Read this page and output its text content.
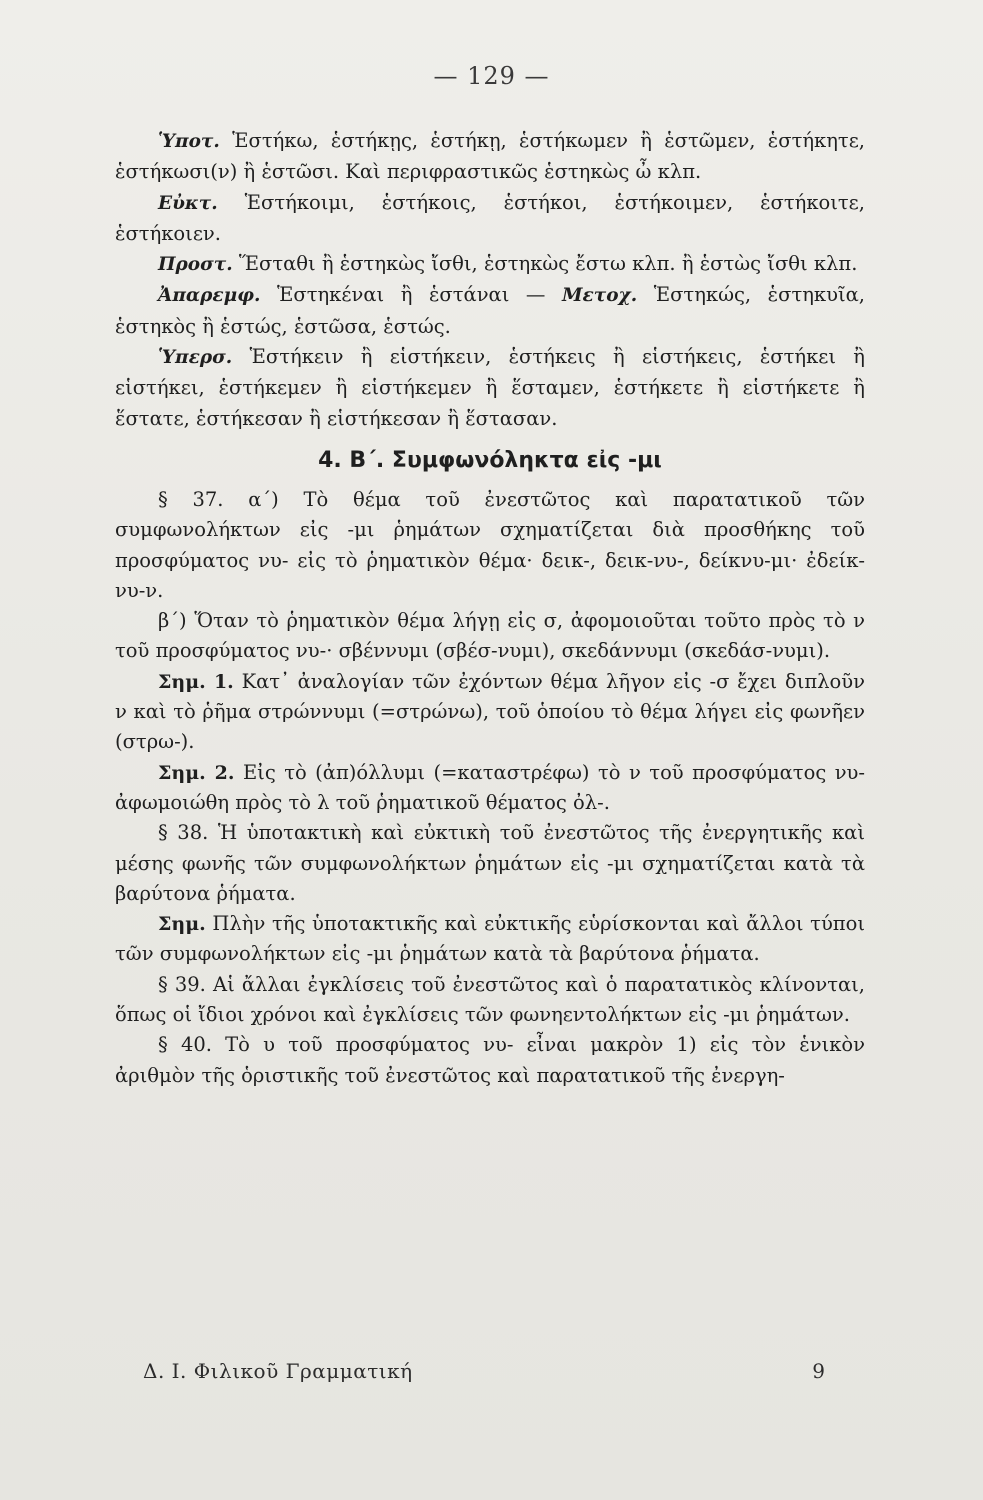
— 129 —

Ὑποτ. Ἑστήκω, ἑστήκῃς, ἑστήκῃ, ἑστήκωμεν ἢ ἑστῶμεν, ἑστήκητε, ἑστήκωσι(ν) ἢ ἑστῶσι. Καὶ περιφραστικῶς ἑστηκὼς ὦ κλπ.

Εὐκτ. Ἑστήκοιμι, ἑστήκοις, ἑστήκοι, ἑστήκοιμεν, ἑστήκοιτε, ἑστήκοιεν.

Προστ. Ἕσταθι ἢ ἑστηκὼς ἴσθι, ἑστηκὼς ἔστω κλπ. ἢ ἑστὼς ἴσθι κλπ.

Ἀπαρεμφ. Ἑστηκέναι ἢ ἑστάναι — Μετοχ. Ἑστηκώς, ἑστηκυῖα, ἑστηκὸς ἢ ἑστώς, ἑστῶσα, ἑστώς.

Ὑπερσ. Ἑστήκειν ἢ εἱστήκειν, ἑστήκεις ἢ εἱστήκεις, ἑστήκει ἢ εἱστήκει, ἑστήκεμεν ἢ εἱστήκεμεν ἢ ἕσταμεν, ἑστήκετε ἢ εἱστήκετε ἢ ἕστατε, ἑστήκεσαν ἢ εἱστήκεσαν ἢ ἕστασαν.

4. Β΄. Συμφωνόληκτα εἰς -μι

§ 37. α΄) Τὸ θέμα τοῦ ἐνεστῶτος καὶ παρατατικοῦ τῶν συμφωνολήκτων εἰς -μι ῥημάτων σχηματίζεται διὰ προσθήκης τοῦ προσφύματος νυ- εἰς τὸ ῥηματικὸν θέμα· δεικ-, δεικ-νυ-, δείκνυ-μι· ἐδείκ-νυ-ν.

β΄) Ὅταν τὸ ῥηματικὸν θέμα λήγῃ εἰς σ, ἀφομοιοῦται τοῦτο πρὸς τὸ ν τοῦ προσφύματος νυ-· σβέννυμι (σβέσ-νυμι), σκεδάννυμι (σκεδάσ-νυμι).

Σημ. 1. Κατ᾿ ἀναλογίαν τῶν ἐχόντων θέμα λῆγον εἰς -σ ἔχει διπλοῦν ν καὶ τὸ ῥῆμα στρώννυμι (=στρώνω), τοῦ ὁποίου τὸ θέμα λήγει εἰς φωνῆεν (στρω-).

Σημ. 2. Εἰς τὸ (ἀπ)όλλυμι (=καταστρέφω) τὸ ν τοῦ προσφύματος νυ- ἀφωμοιώθη πρὸς τὸ λ τοῦ ῥηματικοῦ θέματος ὀλ-.

§ 38. Ἡ ὑποτακτικὴ καὶ εὐκτικὴ τοῦ ἐνεστῶτος τῆς ἐνεργητικῆς καὶ μέσης φωνῆς τῶν συμφωνολήκτων ῥημάτων εἰς -μι σχηματίζεται κατὰ τὰ βαρύτονα ῥήματα.

Σημ. Πλὴν τῆς ὑποτακτικῆς καὶ εὐκτικῆς εὑρίσκονται καὶ ἄλλοι τύποι τῶν συμφωνολήκτων εἰς -μι ῥημάτων κατὰ τὰ βαρύτονα ῥήματα.

§ 39. Αἱ ἄλλαι ἐγκλίσεις τοῦ ἐνεστῶτος καὶ ὁ παρατατικὸς κλίνονται, ὅπως οἱ ἴδιοι χρόνοι καὶ ἐγκλίσεις τῶν φωνηεντολήκτων εἰς -μι ῥημάτων.

§ 40. Τὸ υ τοῦ προσφύματος νυ- εἶναι μακρὸν 1) εἰς τὸν ἑνικὸν ἀριθμὸν τῆς ὁριστικῆς τοῦ ἐνεστῶτος καὶ παρατατικοῦ τῆς ἐνεργη-

Δ. Ι. Φιλικοῦ Γραμματική	9
